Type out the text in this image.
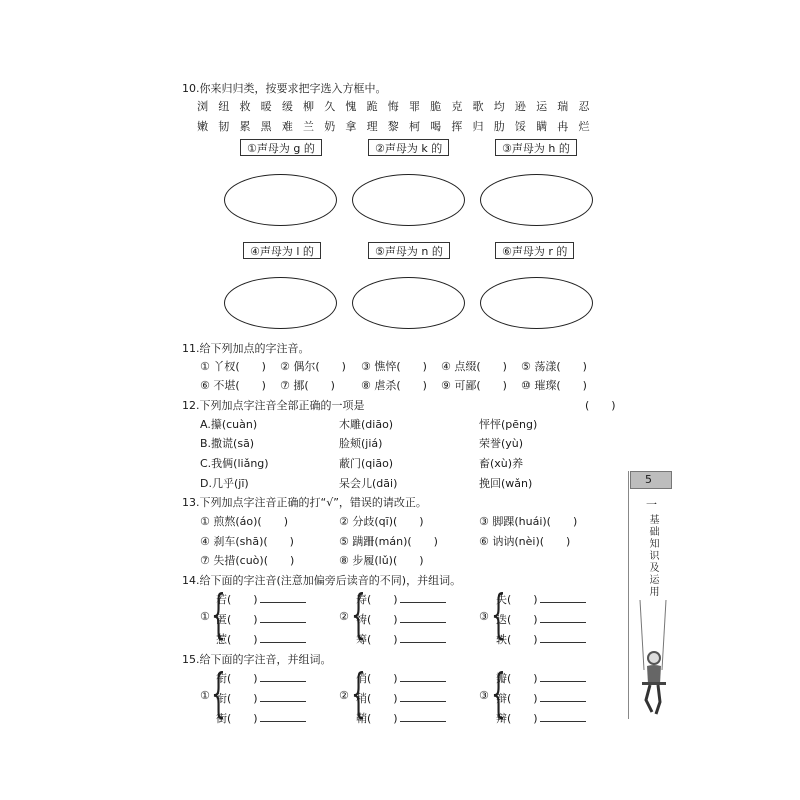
10.你来归归类，按要求把字选入方框中。
浏 纽 救 暖 缓 柳 久 愧 跪 悔 罪 脆 克 歌 均 逊 运 瑞 忍
嫩 韧 累 黑 难 兰 奶 拿 理 黎 柯 喝 挥 归 肋 馁 瞒 冉 烂
①声母为 g 的	②声母为 k 的	③声母为 h 的
④声母为 l 的	⑤声母为 n 的	⑥声母为 r 的
11.给下列加点的字注音。
① 丫杈(　　) ② 偶尔(　　) ③ 憔悴(　　) ④ 点缀(　　) ⑤ 荡漾(　　)
⑥ 不堪(　　) ⑦ 挪(　　) ⑧ 虐杀(　　) ⑨ 可鄙(　　) ⑩ 璀璨(　　)
12.下列加点字注音全部正确的一项是	(　　)
A.攥(cuàn)	木雕(diāo)	怦怦(pēng)
B.撒谎(sā)	脸颊(jiá)	荣誉(yù)
C.我俩(liǎng)	蔽门(qiāo)	畜(xù)养
D.几乎(jī)	呆会儿(dāi)	挽回(wǎn)
13.下列加点字注音正确的打“√”，错误的请改正。
① 煎熬(áo)(　　)	② 分歧(qī)(　　)	③ 脚踝(huái)(　　)
④ 刹车(shā)(　　)	⑤ 蹒跚(mán)(　　)	⑥ 讷讷(nèi)(　　)
⑦ 失措(cuò)(　　)	⑧ 步履(lǔ)(　　)
14.给下面的字注音(注意加偏旁后读音的不同)，并组词。
① {
若(　　)
匿(　　)
惹(　　)
② {
寿(　　)
祷(　　)
筹(　　)
③ {
失(　　)
迭(　　)
轶(　　)
15.给下面的字注音，并组词。
① {
衔(　　)
衔(　　)
街(　　)
② {
俏(　　)
稍(　　)
鞘(　　)
③ {
瓣(　　)
辩(　　)
辩(　　)
5
一
基础知识及运用
